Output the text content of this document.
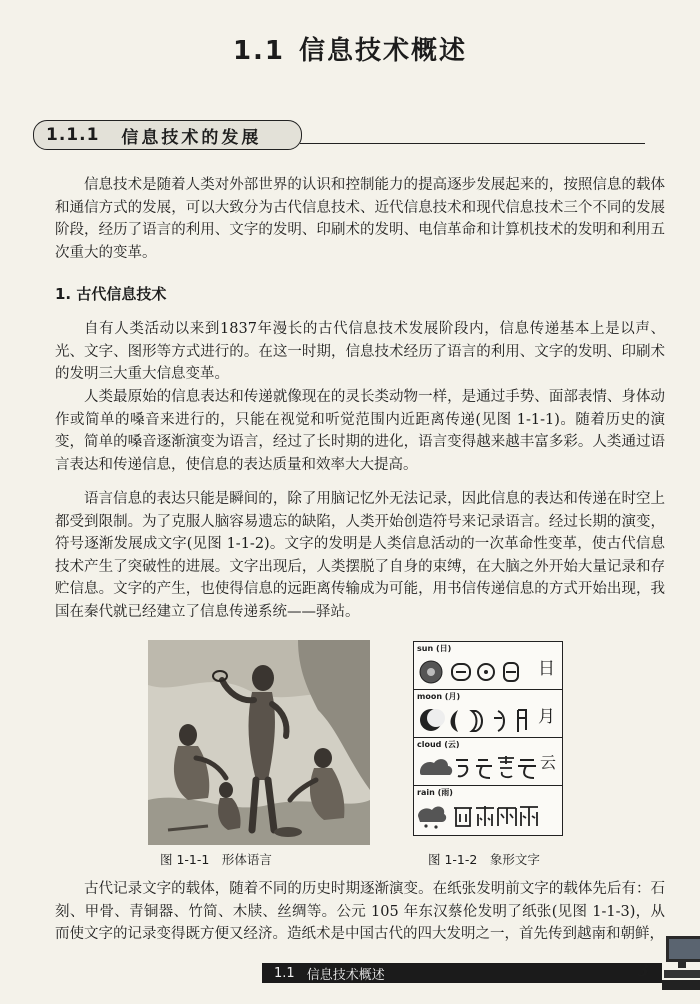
1.1 信息技术概述
1.1.1 信息技术的发展

信息技术是随着人类对外部世界的认识和控制能力的提高逐步发展起来的，按照信息的载体和通信方式的发展，可以大致分为古代信息技术、近代信息技术和现代信息技术三个不同的发展阶段，经历了语言的利用、文字的发明、印刷术的发明、电信革命和计算机技术的发明和利用五次重大的变革。

1. 古代信息技术

自有人类活动以来到1837年漫长的古代信息技术发展阶段内，信息传递基本上是以声、光、文字、图形等方式进行的。在这一时期，信息技术经历了语言的利用、文字的发明、印刷术的发明三大重大信息变革。

人类最原始的信息表达和传递就像现在的灵长类动物一样，是通过手势、面部表情、身体动作或简单的嗓音来进行的，只能在视觉和听觉范围内近距离传递(见图 1-1-1)。随着历史的演变，简单的嗓音逐渐演变为语言，经过了长时期的进化，语言变得越来越丰富多彩。人类通过语言表达和传递信息，使信息的表达质量和效率大大提高。

语言信息的表达只能是瞬间的，除了用脑记忆外无法记录，因此信息的表达和传递在时空上都受到限制。为了克服人脑容易遗忘的缺陷，人类开始创造符号来记录语言。经过长期的演变，符号逐渐发展成文字(见图 1-1-2)。文字的发明是人类信息活动的一次革命性变革，使古代信息技术产生了突破性的进展。文字出现后，人类摆脱了自身的束缚，在大脑之外开始大量记录和存贮信息。文字的产生，也使得信息的远距离传输成为可能，用书信传递信息的方式开始出现，我国在秦代就已经建立了信息传递系统——驿站。

图 1-1-1　形体语言
sun (日)
日
moon (月)
月
cloud (云)
云
rain (雨)
图 1-1-2　象形文字

古代记录文字的载体，随着不同的历史时期逐渐演变。在纸张发明前文字的载体先后有：石刻、甲骨、青铜器、竹简、木牍、丝绸等。公元 105 年东汉蔡伦发明了纸张(见图 1-1-3)，从而使文字的记录变得既方便又经济。造纸术是中国古代的四大发明之一，首先传到越南和朝鲜，

1.1 信息技术概述	3
